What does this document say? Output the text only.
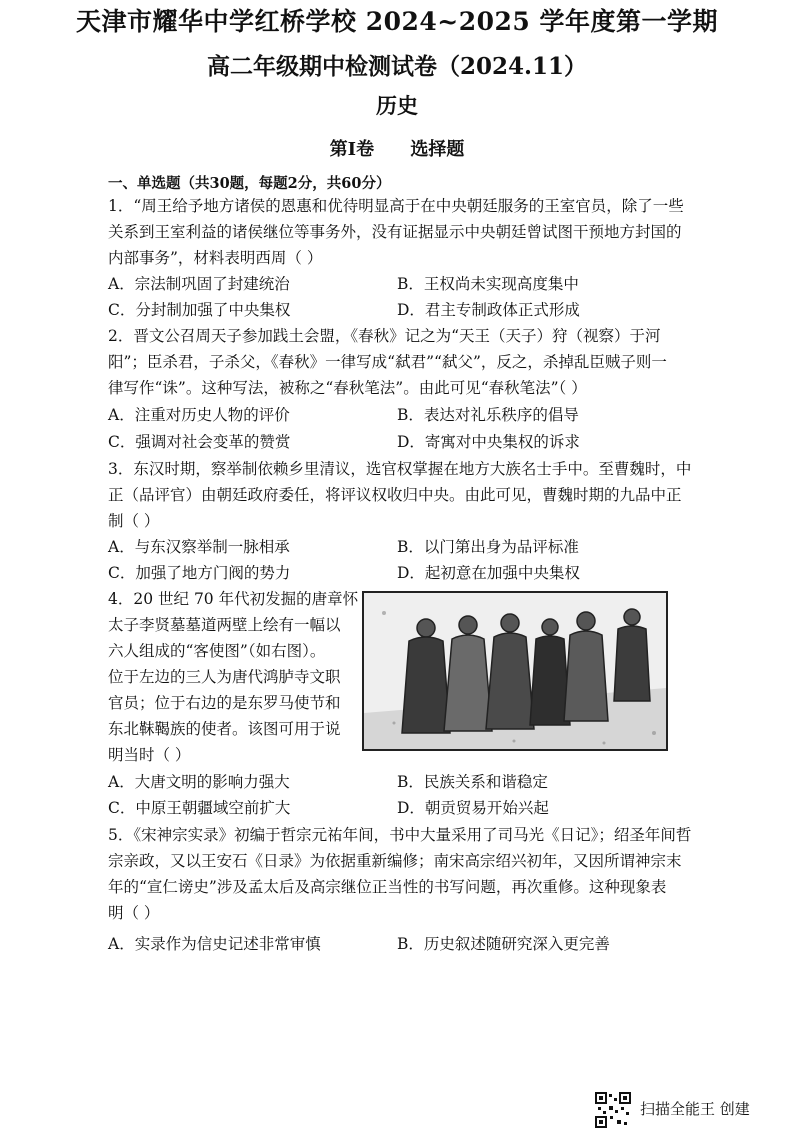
天津市耀华中学红桥学校 2024~2025 学年度第一学期
高二年级期中检测试卷（2024.11）
历史
第I卷 选择题
一、单选题（共30题，每题2分，共60分）
1．“周王给予地方诸侯的恩惠和优待明显高于在中央朝廷服务的王室官员，除了一些
关系到王室利益的诸侯继位等事务外，没有证据显示中央朝廷曾试图干预地方封国的
内部事务”，材料表明西周（ ）
A．宗法制巩固了封建统治	B．王权尚未实现高度集中
C．分封制加强了中央集权	D．君主专制政体正式形成
2．晋文公召周天子参加践土会盟，《春秋》记之为“天王（天子）狩（视察）于河
阳”；臣杀君，子杀父，《春秋》一律写成“弑君”“弑父”，反之，杀掉乱臣贼子则一
律写作“诛”。这种写法，被称之“春秋笔法”。由此可见“春秋笔法”（ ）
A．注重对历史人物的评价	B．表达对礼乐秩序的倡导
C．强调对社会变革的赞赏	D．寄寓对中央集权的诉求
3．东汉时期，察举制依赖乡里清议，选官权掌握在地方大族名士手中。至曹魏时，中
正（品评官）由朝廷政府委任，将评议权收归中央。由此可见，曹魏时期的九品中正
制（ ）
A．与东汉察举制一脉相承	B．以门第出身为品评标准
C．加强了地方门阀的势力	D．起初意在加强中央集权
4．20 世纪 70 年代初发掘的唐章怀
太子李贤墓墓道两壁上绘有一幅以
六人组成的“客使图”（如右图）。
位于左边的三人为唐代鸿胪寺文职
官员；位于右边的是东罗马使节和
东北靺鞨族的使者。该图可用于说
明当时（ ）
A．大唐文明的影响力强大	B．民族关系和谐稳定
C．中原王朝疆域空前扩大	D．朝贡贸易开始兴起
5．《宋神宗实录》初编于哲宗元祐年间，书中大量采用了司马光《日记》；绍圣年间哲
宗亲政，又以王安石《日录》为依据重新编修；南宋高宗绍兴初年，又因所谓神宗末
年的“宣仁谤史”涉及孟太后及高宗继位正当性的书写问题，再次重修。这种现象表
明（ ）
A．实录作为信史记述非常审慎	B．历史叙述随研究深入更完善
扫描全能王 创建
